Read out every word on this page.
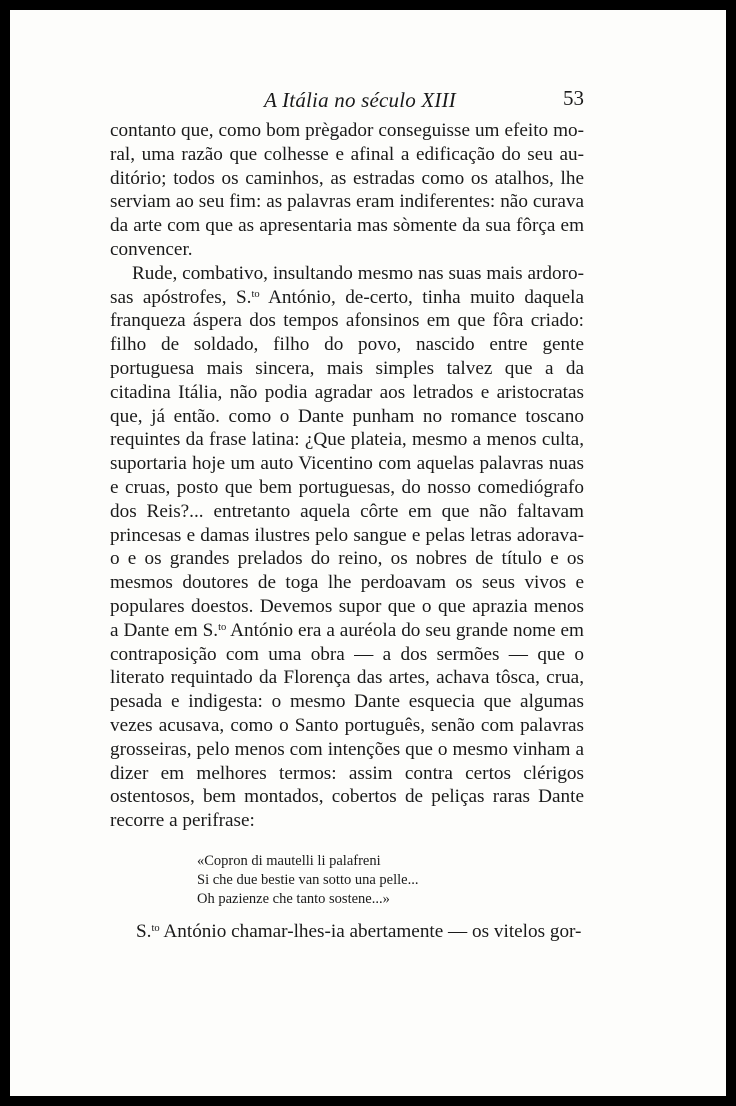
A Itália no século XIII	53

contanto que, como bom prègador conseguisse um efeito moral, uma razão que colhesse e afinal a edificação do seu auditório; todos os caminhos, as estradas como os atalhos, lhe serviam ao seu fim: as palavras eram indiferentes: não curava da arte com que as apresentaria mas sòmente da sua fôrça em convencer.

Rude, combativo, insultando mesmo nas suas mais ardorosas apóstrofes, S.$^{to}$ António, de-certo, tinha muito daquela franqueza áspera dos tempos afonsinos em que fôra criado: filho de soldado, filho do povo, nascido entre gente portuguesa mais sincera, mais simples talvez que a da citadina Itália, não podia agradar aos letrados e aristocratas que, já então. como o Dante punham no romance toscano requintes da frase latina: ¿Que plateia, mesmo a menos culta, suportaria hoje um auto Vicentino com aquelas palavras nuas e cruas, posto que bem portuguesas, do nosso comediógrafo dos Reis?... entretanto aquela côrte em que não faltavam princesas e damas ilustres pelo sangue e pelas letras adorava-o e os grandes prelados do reino, os nobres de título e os mesmos doutores de toga lhe perdoavam os seus vivos e populares doestos. Devemos supor que o que aprazia menos a Dante em S.$^{to}$ António era a auréola do seu grande nome em contraposição com uma obra — a dos sermões — que o literato requintado da Florença das artes, achava tôsca, crua, pesada e indigesta: o mesmo Dante esquecia que algumas vezes acusava, como o Santo português, senão com palavras grosseiras, pelo menos com intenções que o mesmo vinham a dizer em melhores termos: assim contra certos clérigos ostentosos, bem montados, cobertos de peliças raras Dante recorre a perifrase:

«Copron di mautelli li palafreni
Si che due bestie van sotto una pelle...
Oh pazienze che tanto sostene...»
S.$^{to}$ António chamar-lhes-ia abertamente — os vitelos gor-
